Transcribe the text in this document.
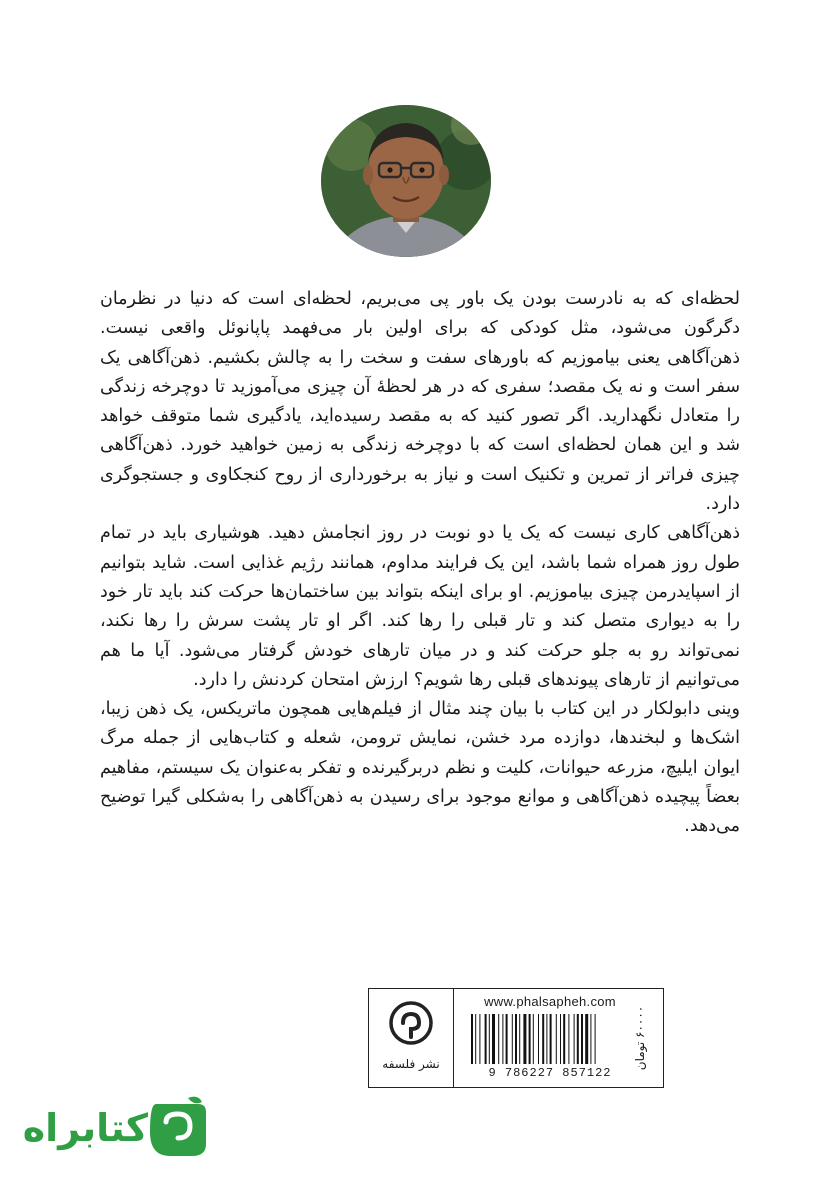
لحظه‌ای که به نادرست بودن یک باور پی می‌بریم، لحظه‌ای است که دنیا در نظرمان دگرگون می‌شود، مثل کودکی که برای اولین بار می‌فهمد پاپانوئل واقعی نیست. ذهن‌آگاهی یعنی بیاموزیم که باورهای سفت و سخت را به چالش بکشیم. ذهن‌آگاهی یک سفر است و نه یک مقصد؛ سفری که در هر لحظهٔ آن چیزی می‌آموزید تا دوچرخه زندگی را متعادل نگهدارید. اگر تصور کنید که به مقصد رسیده‌اید، یادگیری شما متوقف خواهد شد و این همان لحظه‌ای است که با دوچرخه زندگی به زمین خواهید خورد. ذهن‌آگاهی چیزی فراتر از تمرین و تکنیک است و نیاز به برخورداری از روح کنجکاوی و جستجوگری دارد.

ذهن‌آگاهی کاری نیست که یک یا دو نوبت در روز انجامش دهید. هوشیاری باید در تمام طول روز همراه شما باشد، این یک فرایند مداوم، همانند رژیم غذایی است. شاید بتوانیم از اسپایدرمن چیزی بیاموزیم. او برای اینکه بتواند بین ساختمان‌ها حرکت کند باید تار خود را به دیواری متصل کند و تار قبلی را رها کند. اگر او تار پشت سرش را رها نکند، نمی‌تواند رو به جلو حرکت کند و در میان تارهای خودش گرفتار می‌شود. آیا ما هم می‌توانیم از تارهای پیوندهای قبلی رها شویم؟ ارزش امتحان کردنش را دارد.

وینی دابولکار در این کتاب با بیان چند مثال از فیلم‌هایی همچون ماتریکس، یک ذهن زیبا، اشک‌ها و لبخندها، دوازده مرد خشن، نمایش ترومن، شعله و کتاب‌هایی از جمله مرگ ایوان ایلیچ، مزرعه حیوانات، کلیت و نظم دربرگیرنده و تفکر به‌عنوان یک سیستم، مفاهیم بعضاً پیچیده ذهن‌آگاهی و موانع موجود برای رسیدن به ذهن‌آگاهی را به‌شکلی گیرا توضیح می‌دهد.

نشر فلسفه
www.phalsapheh.com
9 786227 857122
۶۰۰۰۰ تومان
کتابراه
